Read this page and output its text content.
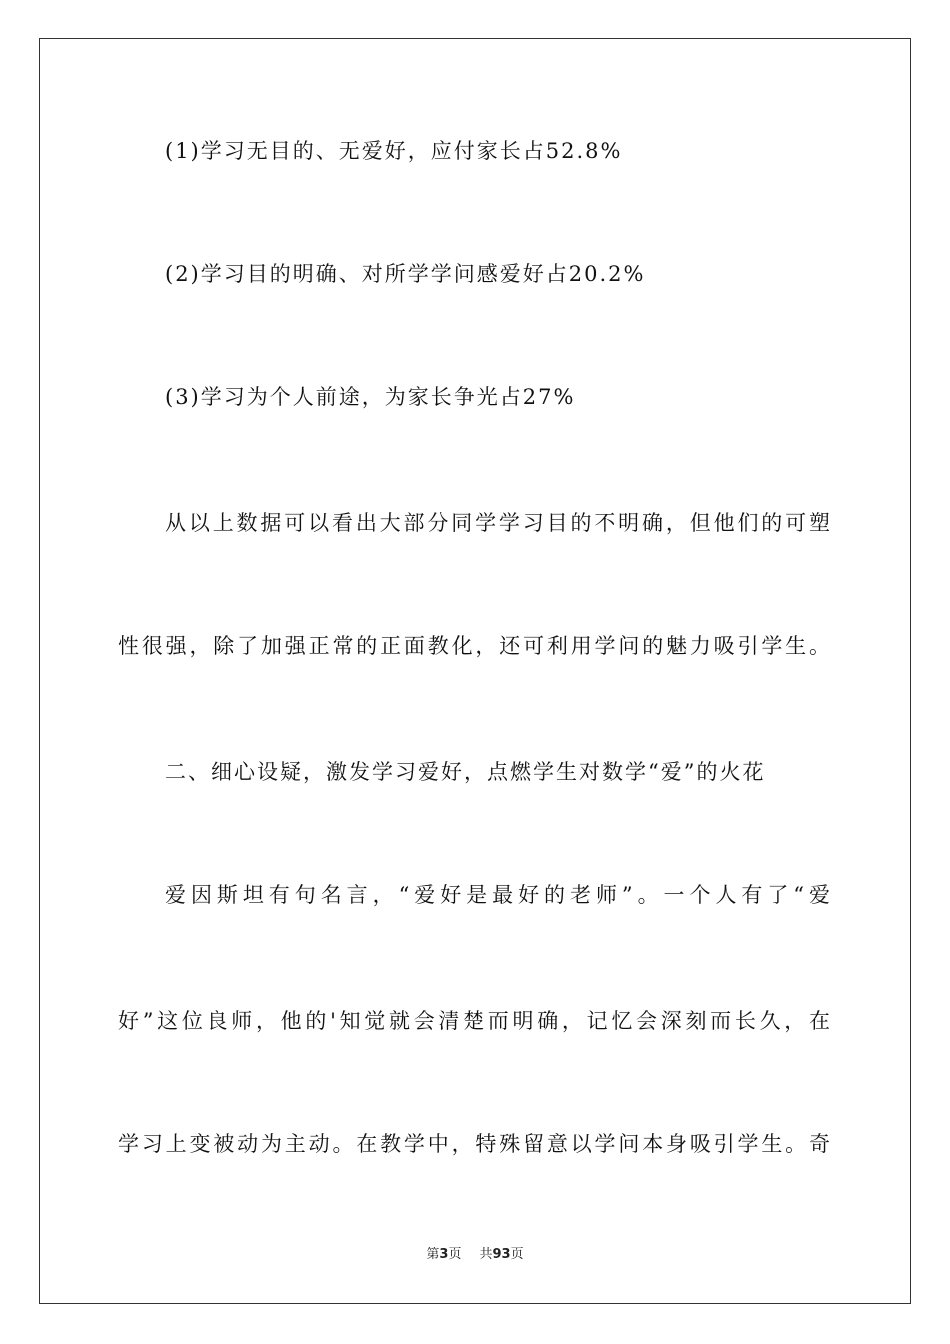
(1)学习无目的、无爱好，应付家长占52.8%
(2)学习目的明确、对所学学问感爱好占20.2%
(3)学习为个人前途，为家长争光占27%
从以上数据可以看出大部分同学学习目的不明确，但他们的可塑
性很强，除了加强正常的正面教化，还可利用学问的魅力吸引学生。
二、细心设疑，激发学习爱好，点燃学生对数学“爱”的火花
爱因斯坦有句名言，“爱好是最好的老师”。一个人有了“爱
好”这位良师，他的'知觉就会清楚而明确，记忆会深刻而长久，在
学习上变被动为主动。在教学中，特殊留意以学问本身吸引学生。奇
第3页 共93页
